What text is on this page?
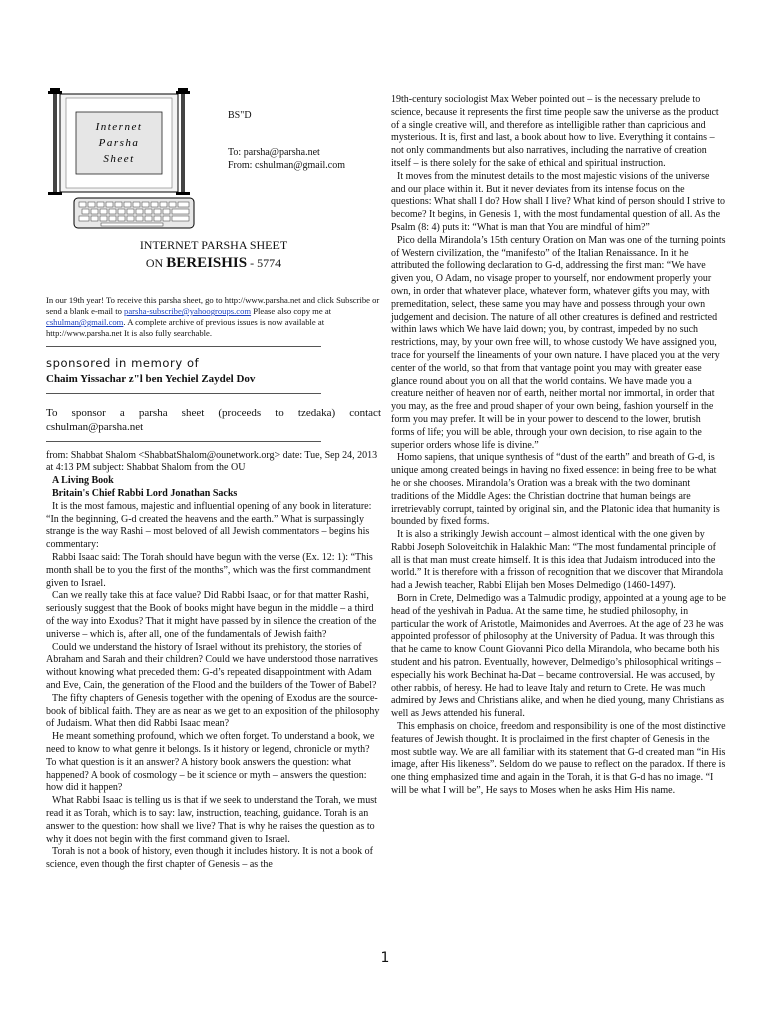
Internet
Parsha
Sheet
BS"D
To: parsha@parsha.net
From: cshulman@gmail.com
INTERNET PARSHA SHEET
ON BEREISHIS - 5774
In our 19th year! To receive this parsha sheet, go to http://www.parsha.net and click Subscribe or send a blank e-mail to parsha-subscribe@yahoogroups.com Please also copy me at cshulman@gmail.com. A complete archive of previous issues is now available at http://www.parsha.net It is also fully searchable.
sponsored in memory of
Chaim Yissachar z"l ben Yechiel Zaydel Dov
To sponsor a parsha sheet (proceeds to tzedaka) contact cshulman@parsha.net

from: Shabbat Shalom <ShabbatShalom@ounetwork.org> date: Tue, Sep 24, 2013 at 4:13 PM subject: Shabbat Shalom from the OU

A Living Book

Britain's Chief Rabbi Lord Jonathan Sacks

It is the most famous, majestic and influential opening of any book in literature: “In the beginning, G-d created the heavens and the earth.” What is surpassingly strange is the way Rashi – most beloved of all Jewish commentators – begins his commentary:

Rabbi Isaac said: The Torah should have begun with the verse (Ex. 12: 1): “This month shall be to you the first of the months”, which was the first commandment given to Israel.

Can we really take this at face value? Did Rabbi Isaac, or for that matter Rashi, seriously suggest that the Book of books might have begun in the middle – a third of the way into Exodus? That it might have passed by in silence the creation of the universe – which is, after all, one of the fundamentals of Jewish faith?

Could we understand the history of Israel without its prehistory, the stories of Abraham and Sarah and their children? Could we have understood those narratives without knowing what preceded them: G-d’s repeated disappointment with Adam and Eve, Cain, the generation of the Flood and the builders of the Tower of Babel?

The fifty chapters of Genesis together with the opening of Exodus are the source- book of biblical faith. They are as near as we get to an exposition of the philosophy of Judaism. What then did Rabbi Isaac mean?

He meant something profound, which we often forget. To understand a book, we need to know to what genre it belongs. Is it history or legend, chronicle or myth? To what question is it an answer? A history book answers the question: what happened? A book of cosmology – be it science or myth – answers the question: how did it happen?

What Rabbi Isaac is telling us is that if we seek to understand the Torah, we must read it as Torah, which is to say: law, instruction, teaching, guidance. Torah is an answer to the question: how shall we live? That is why he raises the question as to why it does not begin with the first command given to Israel.

Torah is not a book of history, even though it includes history. It is not a book of science, even though the first chapter of Genesis – as the

19th-century sociologist Max Weber pointed out – is the necessary prelude to science, because it represents the first time people saw the universe as the product of a single creative will, and therefore as intelligible rather than capricious and mysterious. It is, first and last, a book about how to live. Everything it contains – not only commandments but also narratives, including the narrative of creation itself – is there solely for the sake of ethical and spiritual instruction.

It moves from the minutest details to the most majestic visions of the universe and our place within it. But it never deviates from its intense focus on the questions: What shall I do? How shall I live? What kind of person should I strive to become? It begins, in Genesis 1, with the most fundamental question of all. As the Psalm (8: 4) puts it: “What is man that You are mindful of him?”

Pico della Mirandola’s 15th century Oration on Man was one of the turning points of Western civilization, the “manifesto” of the Italian Renaissance. In it he attributed the following declaration to G-d, addressing the first man: “We have given you, O Adam, no visage proper to yourself, nor endowment properly your own, in order that whatever place, whatever form, whatever gifts you may, with premeditation, select, these same you may have and possess through your own judgement and decision. The nature of all other creatures is defined and restricted within laws which We have laid down; you, by contrast, impeded by no such restrictions, may, by your own free will, to whose custody We have assigned you, trace for yourself the lineaments of your own nature. I have placed you at the very center of the world, so that from that vantage point you may with greater ease glance round about you on all that the world contains. We have made you a creature neither of heaven nor of earth, neither mortal nor immortal, in order that you may, as the free and proud shaper of your own being, fashion yourself in the form you may prefer. It will be in your power to descend to the lower, brutish forms of life; you will be able, through your own decision, to rise again to the superior orders whose life is divine.”

Homo sapiens, that unique synthesis of “dust of the earth” and breath of G-d, is unique among created beings in having no fixed essence: in being free to be what he or she chooses. Mirandola’s Oration was a break with the two dominant traditions of the Middle Ages: the Christian doctrine that human beings are irretrievably corrupt, tainted by original sin, and the Platonic idea that humanity is bounded by fixed forms.

It is also a strikingly Jewish account – almost identical with the one given by Rabbi Joseph Soloveitchik in Halakhic Man: “The most fundamental principle of all is that man must create himself. It is this idea that Judaism introduced into the world.” It is therefore with a frisson of recognition that we discover that Mirandola had a Jewish teacher, Rabbi Elijah ben Moses Delmedigo (1460-1497).

Born in Crete, Delmedigo was a Talmudic prodigy, appointed at a young age to be head of the yeshivah in Padua. At the same time, he studied philosophy, in particular the work of Aristotle, Maimonides and Averroes. At the age of 23 he was appointed professor of philosophy at the University of Padua. It was through this that he came to know Count Giovanni Pico della Mirandola, who became both his student and his patron. Eventually, however, Delmedigo’s philosophical writings – especially his work Bechinat ha-Dat – became controversial. He was accused, by other rabbis, of heresy. He had to leave Italy and return to Crete. He was much admired by Jews and Christians alike, and when he died young, many Christians as well as Jews attended his funeral.

This emphasis on choice, freedom and responsibility is one of the most distinctive features of Jewish thought. It is proclaimed in the first chapter of Genesis in the most subtle way. We are all familiar with its statement that G-d created man “in His image, after His likeness”. Seldom do we pause to reflect on the paradox. If there is one thing emphasized time and again in the Torah, it is that G-d has no image. “I will be what I will be”, He says to Moses when he asks Him His name.

1
